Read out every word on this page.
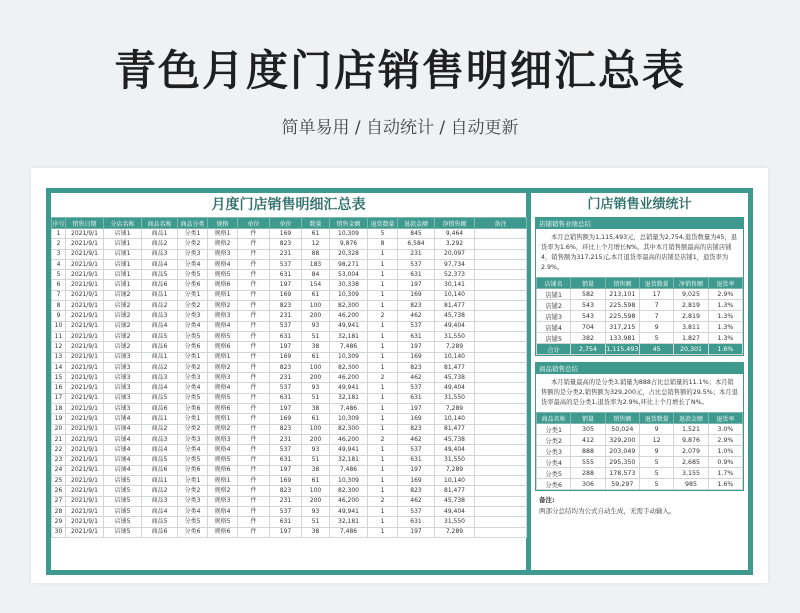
青色月度门店销售明细汇总表
简单易用 / 自动统计 / 自动更新
月度门店销售明细汇总表
序号	销售日期	分店名称	商品名称	商品分类	规格	单位	单价	数量	销售金额	退货数量	退款金额	净销售额	备注
1	2021/9/1	店铺1	商品1	分类1	规格1	件	169	61	10,309	5	845	9,464	
2	2021/9/1	店铺1	商品2	分类2	规格2	件	823	12	9,876	8	6,584	3,292	
3	2021/9/1	店铺1	商品3	分类3	规格3	件	231	88	20,328	1	231	20,097	
4	2021/9/1	店铺1	商品4	分类4	规格4	件	537	183	98,271	1	537	97,734	
5	2021/9/1	店铺1	商品5	分类5	规格5	件	631	84	53,004	1	631	52,373	
6	2021/9/1	店铺1	商品6	分类6	规格6	件	197	154	30,338	1	197	30,141	
7	2021/9/1	店铺2	商品1	分类1	规格1	件	169	61	10,309	1	169	10,140	
8	2021/9/1	店铺2	商品2	分类2	规格2	件	823	100	82,300	1	823	81,477	
9	2021/9/1	店铺2	商品3	分类3	规格3	件	231	200	46,200	2	462	45,738	
10	2021/9/1	店铺2	商品4	分类4	规格4	件	537	93	49,941	1	537	49,404	
11	2021/9/1	店铺2	商品5	分类5	规格5	件	631	51	32,181	1	631	31,550	
12	2021/9/1	店铺2	商品6	分类6	规格6	件	197	38	7,486	1	197	7,289	
13	2021/9/1	店铺3	商品1	分类1	规格1	件	169	61	10,309	1	169	10,140	
14	2021/9/1	店铺3	商品2	分类2	规格2	件	823	100	82,300	1	823	81,477	
15	2021/9/1	店铺3	商品3	分类3	规格3	件	231	200	46,200	2	462	45,738	
16	2021/9/1	店铺3	商品4	分类4	规格4	件	537	93	49,941	1	537	49,404	
17	2021/9/1	店铺3	商品5	分类5	规格5	件	631	51	32,181	1	631	31,550	
18	2021/9/1	店铺3	商品6	分类6	规格6	件	197	38	7,486	1	197	7,289	
19	2021/9/1	店铺4	商品1	分类1	规格1	件	169	61	10,309	1	169	10,140	
20	2021/9/1	店铺4	商品2	分类2	规格2	件	823	100	82,300	1	823	81,477	
21	2021/9/1	店铺4	商品3	分类3	规格3	件	231	200	46,200	2	462	45,738	
22	2021/9/1	店铺4	商品4	分类4	规格4	件	537	93	49,941	1	537	49,404	
23	2021/9/1	店铺4	商品5	分类5	规格5	件	631	51	32,181	1	631	31,550	
24	2021/9/1	店铺4	商品6	分类6	规格6	件	197	38	7,486	1	197	7,289	
25	2021/9/1	店铺5	商品1	分类1	规格1	件	169	61	10,309	1	169	10,140	
26	2021/9/1	店铺5	商品2	分类2	规格2	件	823	100	82,300	1	823	81,477	
27	2021/9/1	店铺5	商品3	分类3	规格3	件	231	200	46,200	2	462	45,738	
28	2021/9/1	店铺5	商品4	分类4	规格4	件	537	93	49,941	1	537	49,404	
29	2021/9/1	店铺5	商品5	分类5	规格5	件	631	51	32,181	1	631	31,550	
30	2021/9/1	店铺5	商品6	分类6	规格6	件	197	38	7,486	1	197	7,289	
门店销售业绩统计
店铺销售业绩总结
本月总销售额为1,115,493元，总销量为2,754,退货数量为45，退货率为1.6%，环比上个月增长N%。其中本月销售额最高的店铺店铺4，销售额为317,215元,本月退货率最高的店铺是店铺1，退货率为2.9%。
店铺名	销量	销售额	退货数量	净销售额	退货率
店铺1	582	213,101	17	9,025	2.9%
店铺2	543	225,598	7	2,819	1.3%
店铺3	543	225,598	7	2,819	1.3%
店铺4	704	317,215	9	3,811	1.3%
店铺5	382	133,981	5	1,827	1.3%
合计	2,754	1,115,493	45	20,301	1.6%
商品销售总结
本月销量最高的是分类3,销量为888占比总销量的11.1%；本月销售额的是分类2,销售额为329,200元，占比总销售额的29.5%；本月退货率最高的是分类1,退货率为2.9%,环比上个月增长了N%。
商品名称	销量	销售额	退货数量	退款金额	退货率
分类1	305	50,024	9	1,521	3.0%
分类2	412	329,200	12	9,876	2.9%
分类3	888	203,049	9	2,079	1.0%
分类4	555	295,350	5	2,685	0.9%
分类5	288	178,573	5	3,155	1.7%
分类6	306	59,297	5	985	1.6%
备注:
两部分总结均为公式自动生成，无需手动输入。
